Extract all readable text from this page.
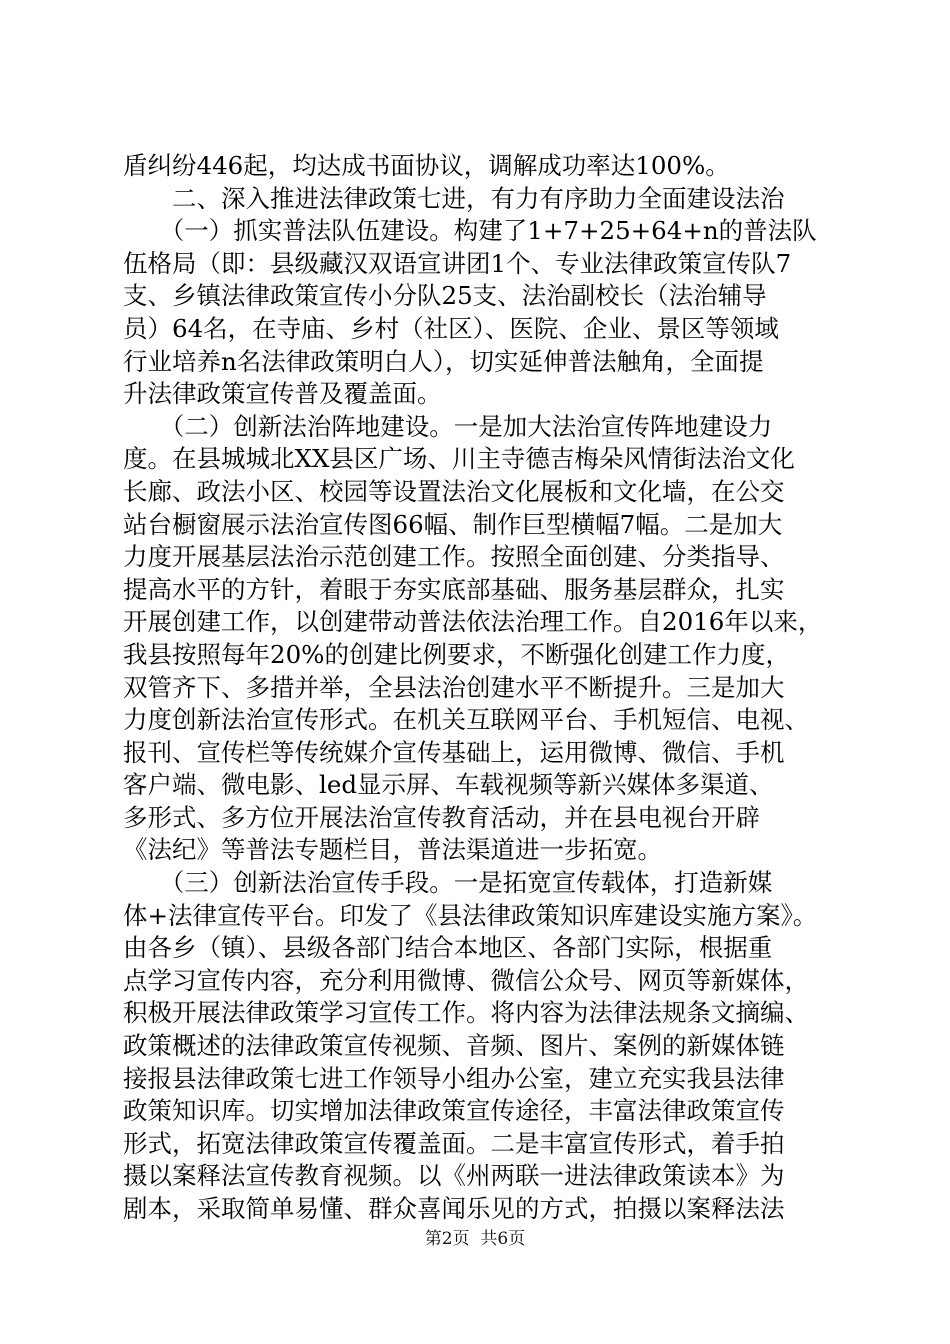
盾纠纷446起，均达成书面协议，调解成功率达100%。
　　二、深入推进法律政策七进，有力有序助力全面建设法治
　　（一）抓实普法队伍建设。构建了1+7+25+64+n的普法队
伍格局（即：县级藏汉双语宣讲团1个、专业法律政策宣传队7
支、乡镇法律政策宣传小分队25支、法治副校长（法治辅导
员）64名，在寺庙、乡村（社区）、医院、企业、景区等领域
行业培养n名法律政策明白人），切实延伸普法触角，全面提
升法律政策宣传普及覆盖面。
　　（二）创新法治阵地建设。一是加大法治宣传阵地建设力
度。在县城城北XX县区广场、川主寺德吉梅朵风情街法治文化
长廊、政法小区、校园等设置法治文化展板和文化墙，在公交
站台橱窗展示法治宣传图66幅、制作巨型横幅7幅。二是加大
力度开展基层法治示范创建工作。按照全面创建、分类指导、
提高水平的方针，着眼于夯实底部基础、服务基层群众，扎实
开展创建工作，以创建带动普法依法治理工作。自2016年以来，
我县按照每年20%的创建比例要求，不断强化创建工作力度，
双管齐下、多措并举，全县法治创建水平不断提升。三是加大
力度创新法治宣传形式。在机关互联网平台、手机短信、电视、
报刊、宣传栏等传统媒介宣传基础上，运用微博、微信、手机
客户端、微电影、led显示屏、车载视频等新兴媒体多渠道、
多形式、多方位开展法治宣传教育活动，并在县电视台开辟
《法纪》等普法专题栏目，普法渠道进一步拓宽。
　　（三）创新法治宣传手段。一是拓宽宣传载体，打造新媒
体+法律宣传平台。印发了《县法律政策知识库建设实施方案》。
由各乡（镇）、县级各部门结合本地区、各部门实际，根据重
点学习宣传内容，充分利用微博、微信公众号、网页等新媒体，
积极开展法律政策学习宣传工作。将内容为法律法规条文摘编、
政策概述的法律政策宣传视频、音频、图片、案例的新媒体链
接报县法律政策七进工作领导小组办公室，建立充实我县法律
政策知识库。切实增加法律政策宣传途径，丰富法律政策宣传
形式，拓宽法律政策宣传覆盖面。二是丰富宣传形式，着手拍
摄以案释法宣传教育视频。以《州两联一进法律政策读本》为
剧本，采取简单易懂、群众喜闻乐见的方式，拍摄以案释法法
第2页  共6页
